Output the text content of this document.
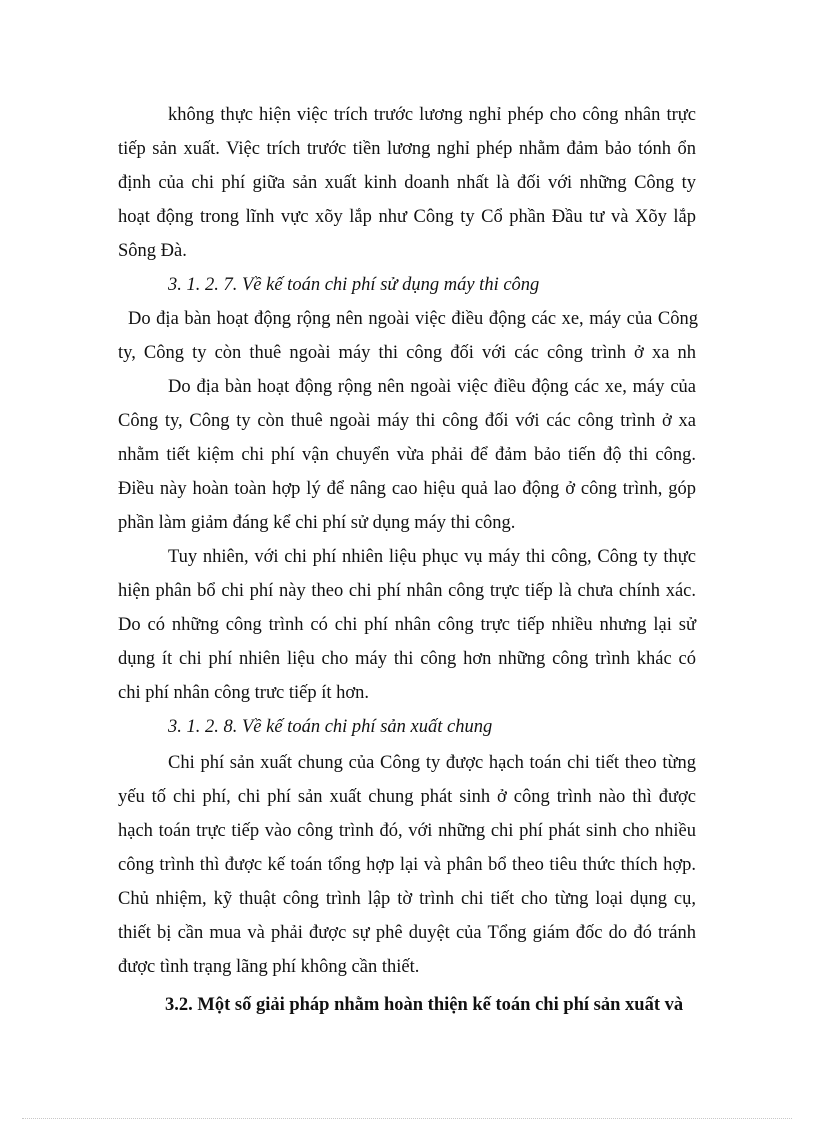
không thực hiện việc trích trước lương nghỉ phép cho công nhân trực

tiếp sản xuất. Việc trích trước tiền lương nghỉ phép nhằm đảm bảo tónh ổn

định của chi phí giữa sản xuất kinh doanh nhất là đối với những Công ty

hoạt động trong lĩnh vực xõy lắp như Công ty Cổ phần Đầu tư và Xõy lắp

Sông Đà.

3. 1. 2. 7. Về kế toán chi phí sử dụng máy thi công

Do địa bàn hoạt động rộng nên ngoài việc điều động các xe, máy của Công

ty, Công ty còn thuê ngoài máy thi công đối với các công trình ở xa nh

Do địa bàn hoạt động rộng nên ngoài việc điều động các xe, máy của

Công ty, Công ty còn thuê ngoài máy thi công đối với các công trình ở xa

nhằm tiết kiệm chi phí vận chuyển vừa phải để đảm bảo tiến độ thi công.

Điều này hoàn toàn hợp lý để nâng cao hiệu quả lao động ở công trình, góp

phần làm giảm đáng kể chi phí sử dụng máy thi công.

Tuy nhiên, với chi phí nhiên liệu phục vụ máy thi công, Công ty thực

hiện phân bổ chi phí này theo chi phí nhân công trực tiếp là chưa chính xác.

Do có những công trình có chi phí nhân công trực tiếp nhiều nhưng lại sử

dụng ít chi phí nhiên liệu cho máy thi công hơn những công trình khác có

chi phí nhân công trưc tiếp ít hơn.

3. 1. 2. 8. Về kế toán chi phí sản xuất chung

Chi phí sản xuất chung của Công ty được hạch toán chi tiết theo từng

yếu tố chi phí, chi phí sản xuất chung phát sinh ở công trình nào thì được

hạch toán trực tiếp vào công trình đó, với những chi phí phát sinh cho nhiều

công trình thì được kế toán tổng hợp lại và phân bổ theo tiêu thức thích hợp.

Chủ nhiệm, kỹ thuật công trình lập tờ trình chi tiết cho từng loại dụng cụ,

thiết bị cần mua và phải được sự phê duyệt của Tổng giám đốc do đó tránh

được tình trạng lãng phí không cần thiết.

3.2. Một số giải pháp nhằm hoàn thiện kế toán chi phí sản xuất và
